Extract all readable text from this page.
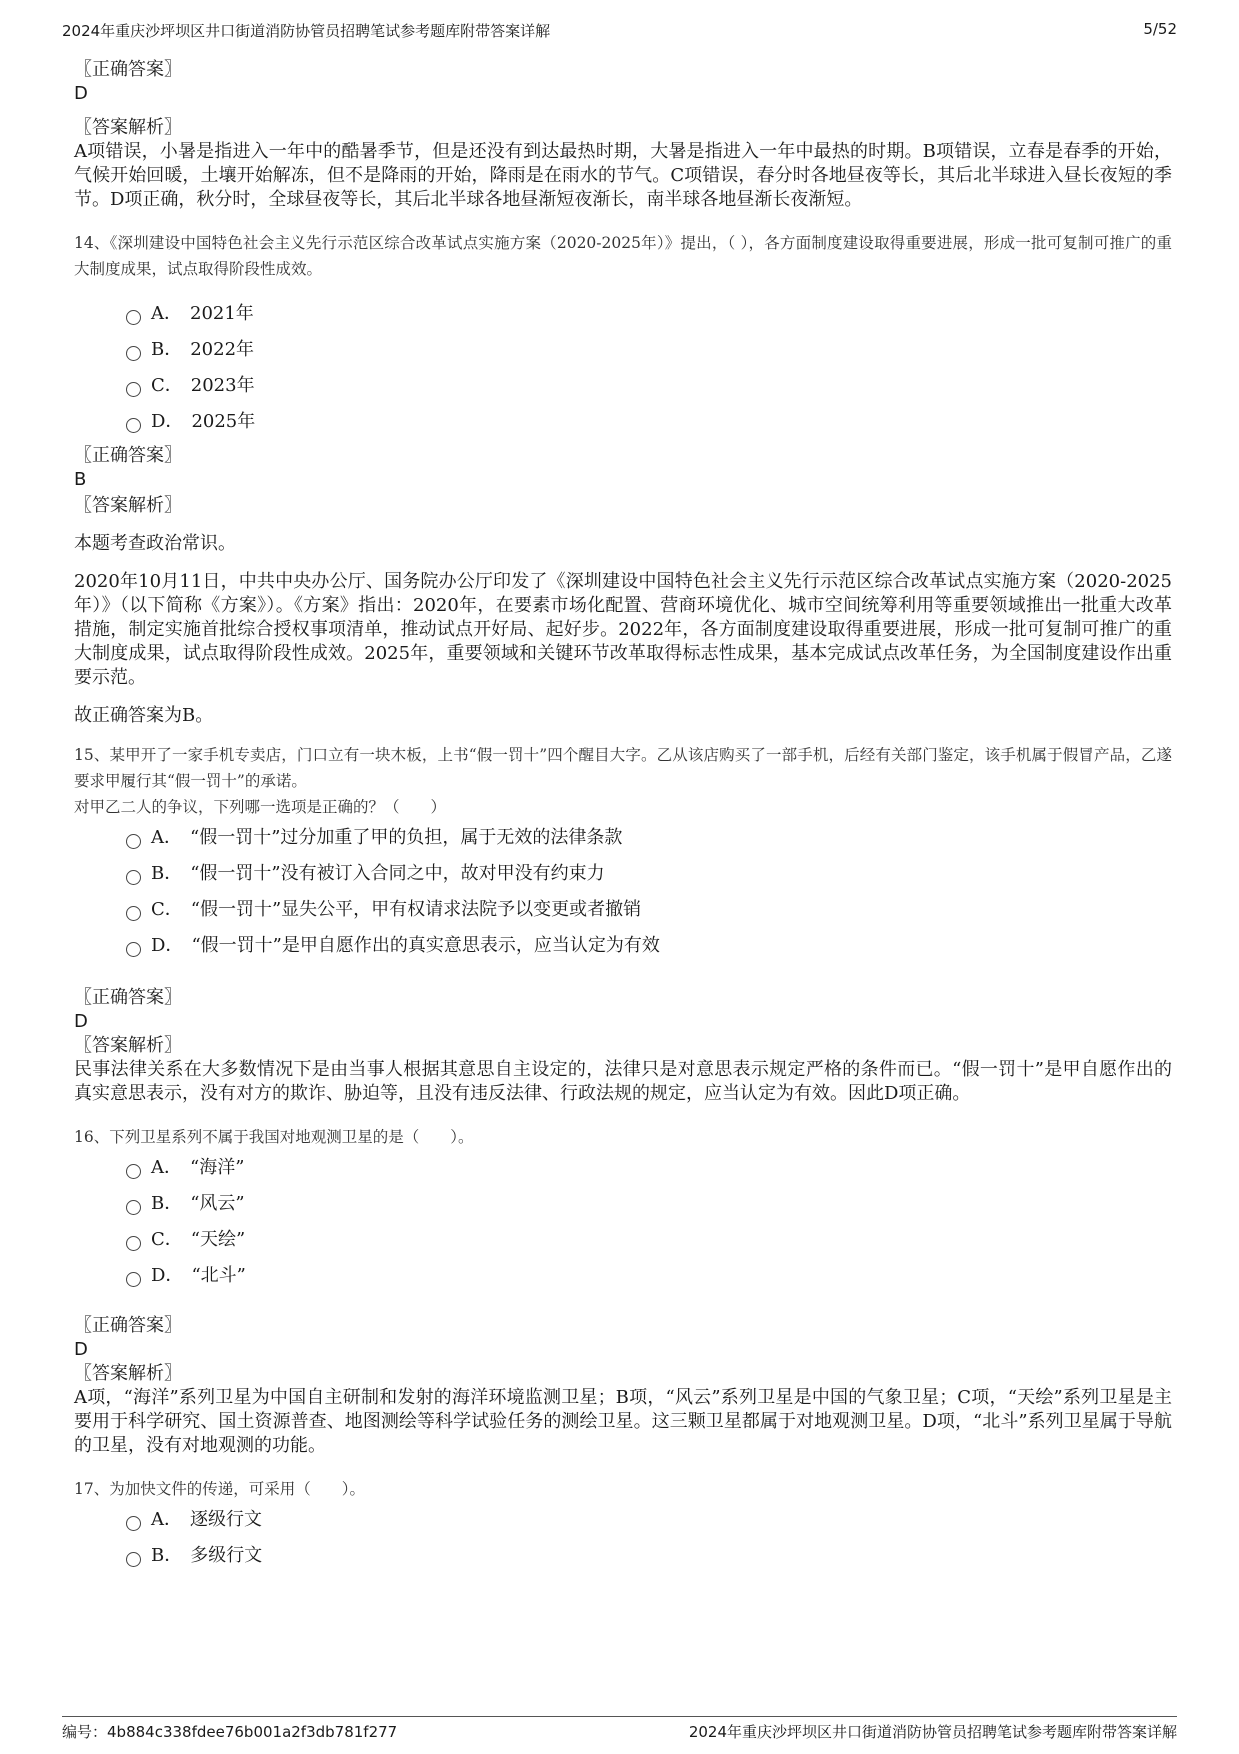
2024年重庆沙坪坝区井口街道消防协管员招聘笔试参考题库附带答案详解	5/52

〖正确答案〗

D

〖答案解析〗

A项错误，小暑是指进入一年中的酷暑季节，但是还没有到达最热时期，大暑是指进入一年中最热的时期。B项错误，立春是春季的开始，气候开始回暖，土壤开始解冻，但不是降雨的开始，降雨是在雨水的节气。C项错误，春分时各地昼夜等长，其后北半球进入昼长夜短的季节。D项正确，秋分时，全球昼夜等长，其后北半球各地昼渐短夜渐长，南半球各地昼渐长夜渐短。

14、《深圳建设中国特色社会主义先行示范区综合改革试点实施方案（2020-2025年）》提出，（ ），各方面制度建设取得重要进展，形成一批可复制可推广的重大制度成果，试点取得阶段性成效。

A． 2021年
B． 2022年
C． 2023年
D． 2025年

〖正确答案〗

B

〖答案解析〗

本题考查政治常识。

2020年10月11日，中共中央办公厅、国务院办公厅印发了《深圳建设中国特色社会主义先行示范区综合改革试点实施方案（2020-2025年）》（以下简称《方案》）。《方案》指出：2020年，在要素市场化配置、营商环境优化、城市空间统筹利用等重要领域推出一批重大改革措施，制定实施首批综合授权事项清单，推动试点开好局、起好步。2022年，各方面制度建设取得重要进展，形成一批可复制可推广的重大制度成果，试点取得阶段性成效。2025年，重要领域和关键环节改革取得标志性成果，基本完成试点改革任务，为全国制度建设作出重要示范。

故正确答案为B。

15、某甲开了一家手机专卖店，门口立有一块木板，上书“假一罚十”四个醒目大字。乙从该店购买了一部手机，后经有关部门鉴定，该手机属于假冒产品，乙遂要求甲履行其“假一罚十”的承诺。

对甲乙二人的争议，下列哪一选项是正确的？（　　）

A． “假一罚十”过分加重了甲的负担，属于无效的法律条款
B． “假一罚十”没有被订入合同之中，故对甲没有约束力
C． “假一罚十”显失公平，甲有权请求法院予以变更或者撤销
D． “假一罚十”是甲自愿作出的真实意思表示，应当认定为有效

〖正确答案〗

D

〖答案解析〗

民事法律关系在大多数情况下是由当事人根据其意思自主设定的，法律只是对意思表示规定严格的条件而已。“假一罚十”是甲自愿作出的真实意思表示，没有对方的欺诈、胁迫等，且没有违反法律、行政法规的规定，应当认定为有效。因此D项正确。

16、下列卫星系列不属于我国对地观测卫星的是（　　）。

A． “海洋”
B． “风云”
C． “天绘”
D． “北斗”

〖正确答案〗

D

〖答案解析〗

A项，“海洋”系列卫星为中国自主研制和发射的海洋环境监测卫星；B项，“风云”系列卫星是中国的气象卫星；C项，“天绘”系列卫星是主要用于科学研究、国土资源普查、地图测绘等科学试验任务的测绘卫星。这三颗卫星都属于对地观测卫星。D项，“北斗”系列卫星属于导航的卫星，没有对地观测的功能。

17、为加快文件的传递，可采用（　　）。

A． 逐级行文
B． 多级行文
编号：4b884c338fdee76b001a2f3db781f277	2024年重庆沙坪坝区井口街道消防协管员招聘笔试参考题库附带答案详解
